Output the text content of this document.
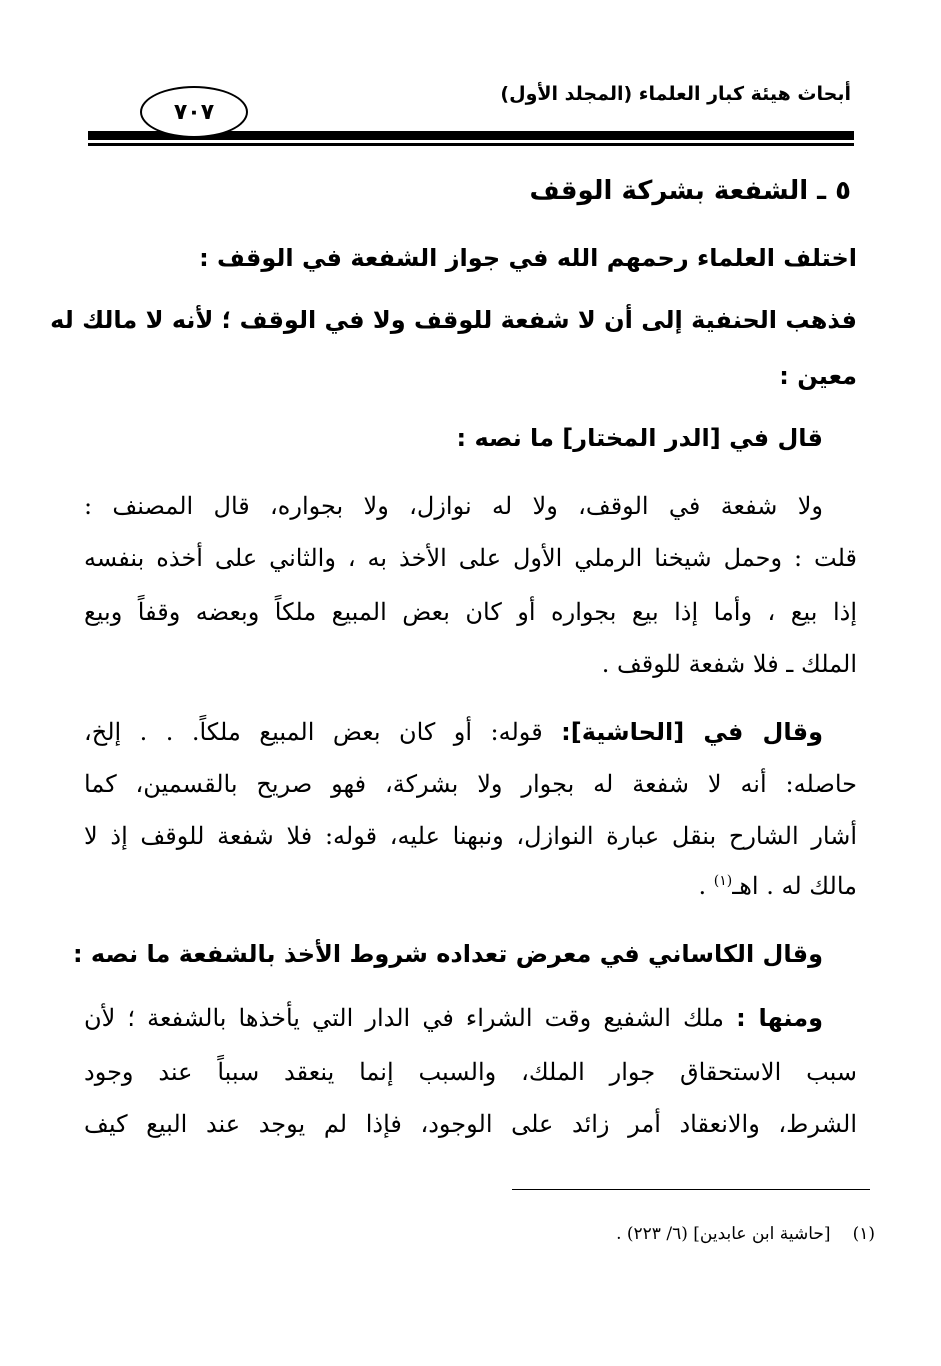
أبحاث هيئة كبار العلماء (المجلد الأول)
٧٠٧
٥ ـ الشفعة بشركة الوقف
اختلف العلماء رحمهم الله في جواز الشفعة في الوقف :
فذهب الحنفية إلى أن لا شفعة للوقف ولا في الوقف ؛ لأنه لا مالك له
معين :
قال في [الدر المختار] ما نصه :
ولا شفعة في الوقف، ولا له نوازل، ولا بجواره، قال المصنف :
قلت : وحمل شيخنا الرملي الأول على الأخذ به ، والثاني على أخذه بنفسه
إذا بيع ، وأما إذا بيع بجواره أو كان بعض المبيع ملكاً وبعضه وقفاً وبيع
الملك ـ فلا شفعة للوقف .
وقال في [الحاشية]: قوله: أو كان بعض المبيع ملكاً. . . إلخ،
حاصله: أنه لا شفعة له بجوار ولا بشركة، فهو صريح بالقسمين، كما
أشار الشارح بنقل عبارة النوازل، ونبهنا عليه، قوله: فلا شفعة للوقف إذ لا
مالك له . اهـ$^{(١)}$ .
وقال الكاساني في معرض تعداده شروط الأخذ بالشفعة ما نصه :
ومنها : ملك الشفيع وقت الشراء في الدار التي يأخذها بالشفعة ؛ لأن
سبب الاستحقاق جوار الملك، والسبب إنما ينعقد سبباً عند وجود
الشرط، والانعقاد أمر زائد على الوجود، فإذا لم يوجد عند البيع كيف
(١)[حاشية ابن عابدين] (٦/ ٢٢٣) .
